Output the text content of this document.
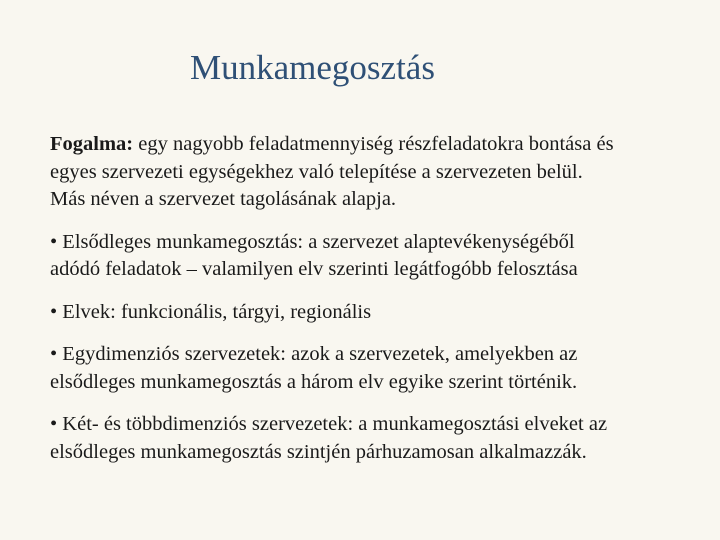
Munkamegosztás

Fogalma: egy nagyobb feladatmennyiség részfeladatokra bontása és
egyes szervezeti egységekhez való telepítése a szervezeten belül.
Más néven a szervezet tagolásának alapja.

• Elsődleges munkamegosztás: a szervezet alaptevékenységéből
adódó feladatok – valamilyen elv szerinti legátfogóbb felosztása

• Elvek: funkcionális, tárgyi, regionális

• Egydimenziós szervezetek: azok a szervezetek, amelyekben az
elsődleges munkamegosztás a három elv egyike szerint történik.

• Két- és többdimenziós szervezetek: a munkamegosztási elveket az
elsődleges munkamegosztás szintjén párhuzamosan alkalmazzák.
